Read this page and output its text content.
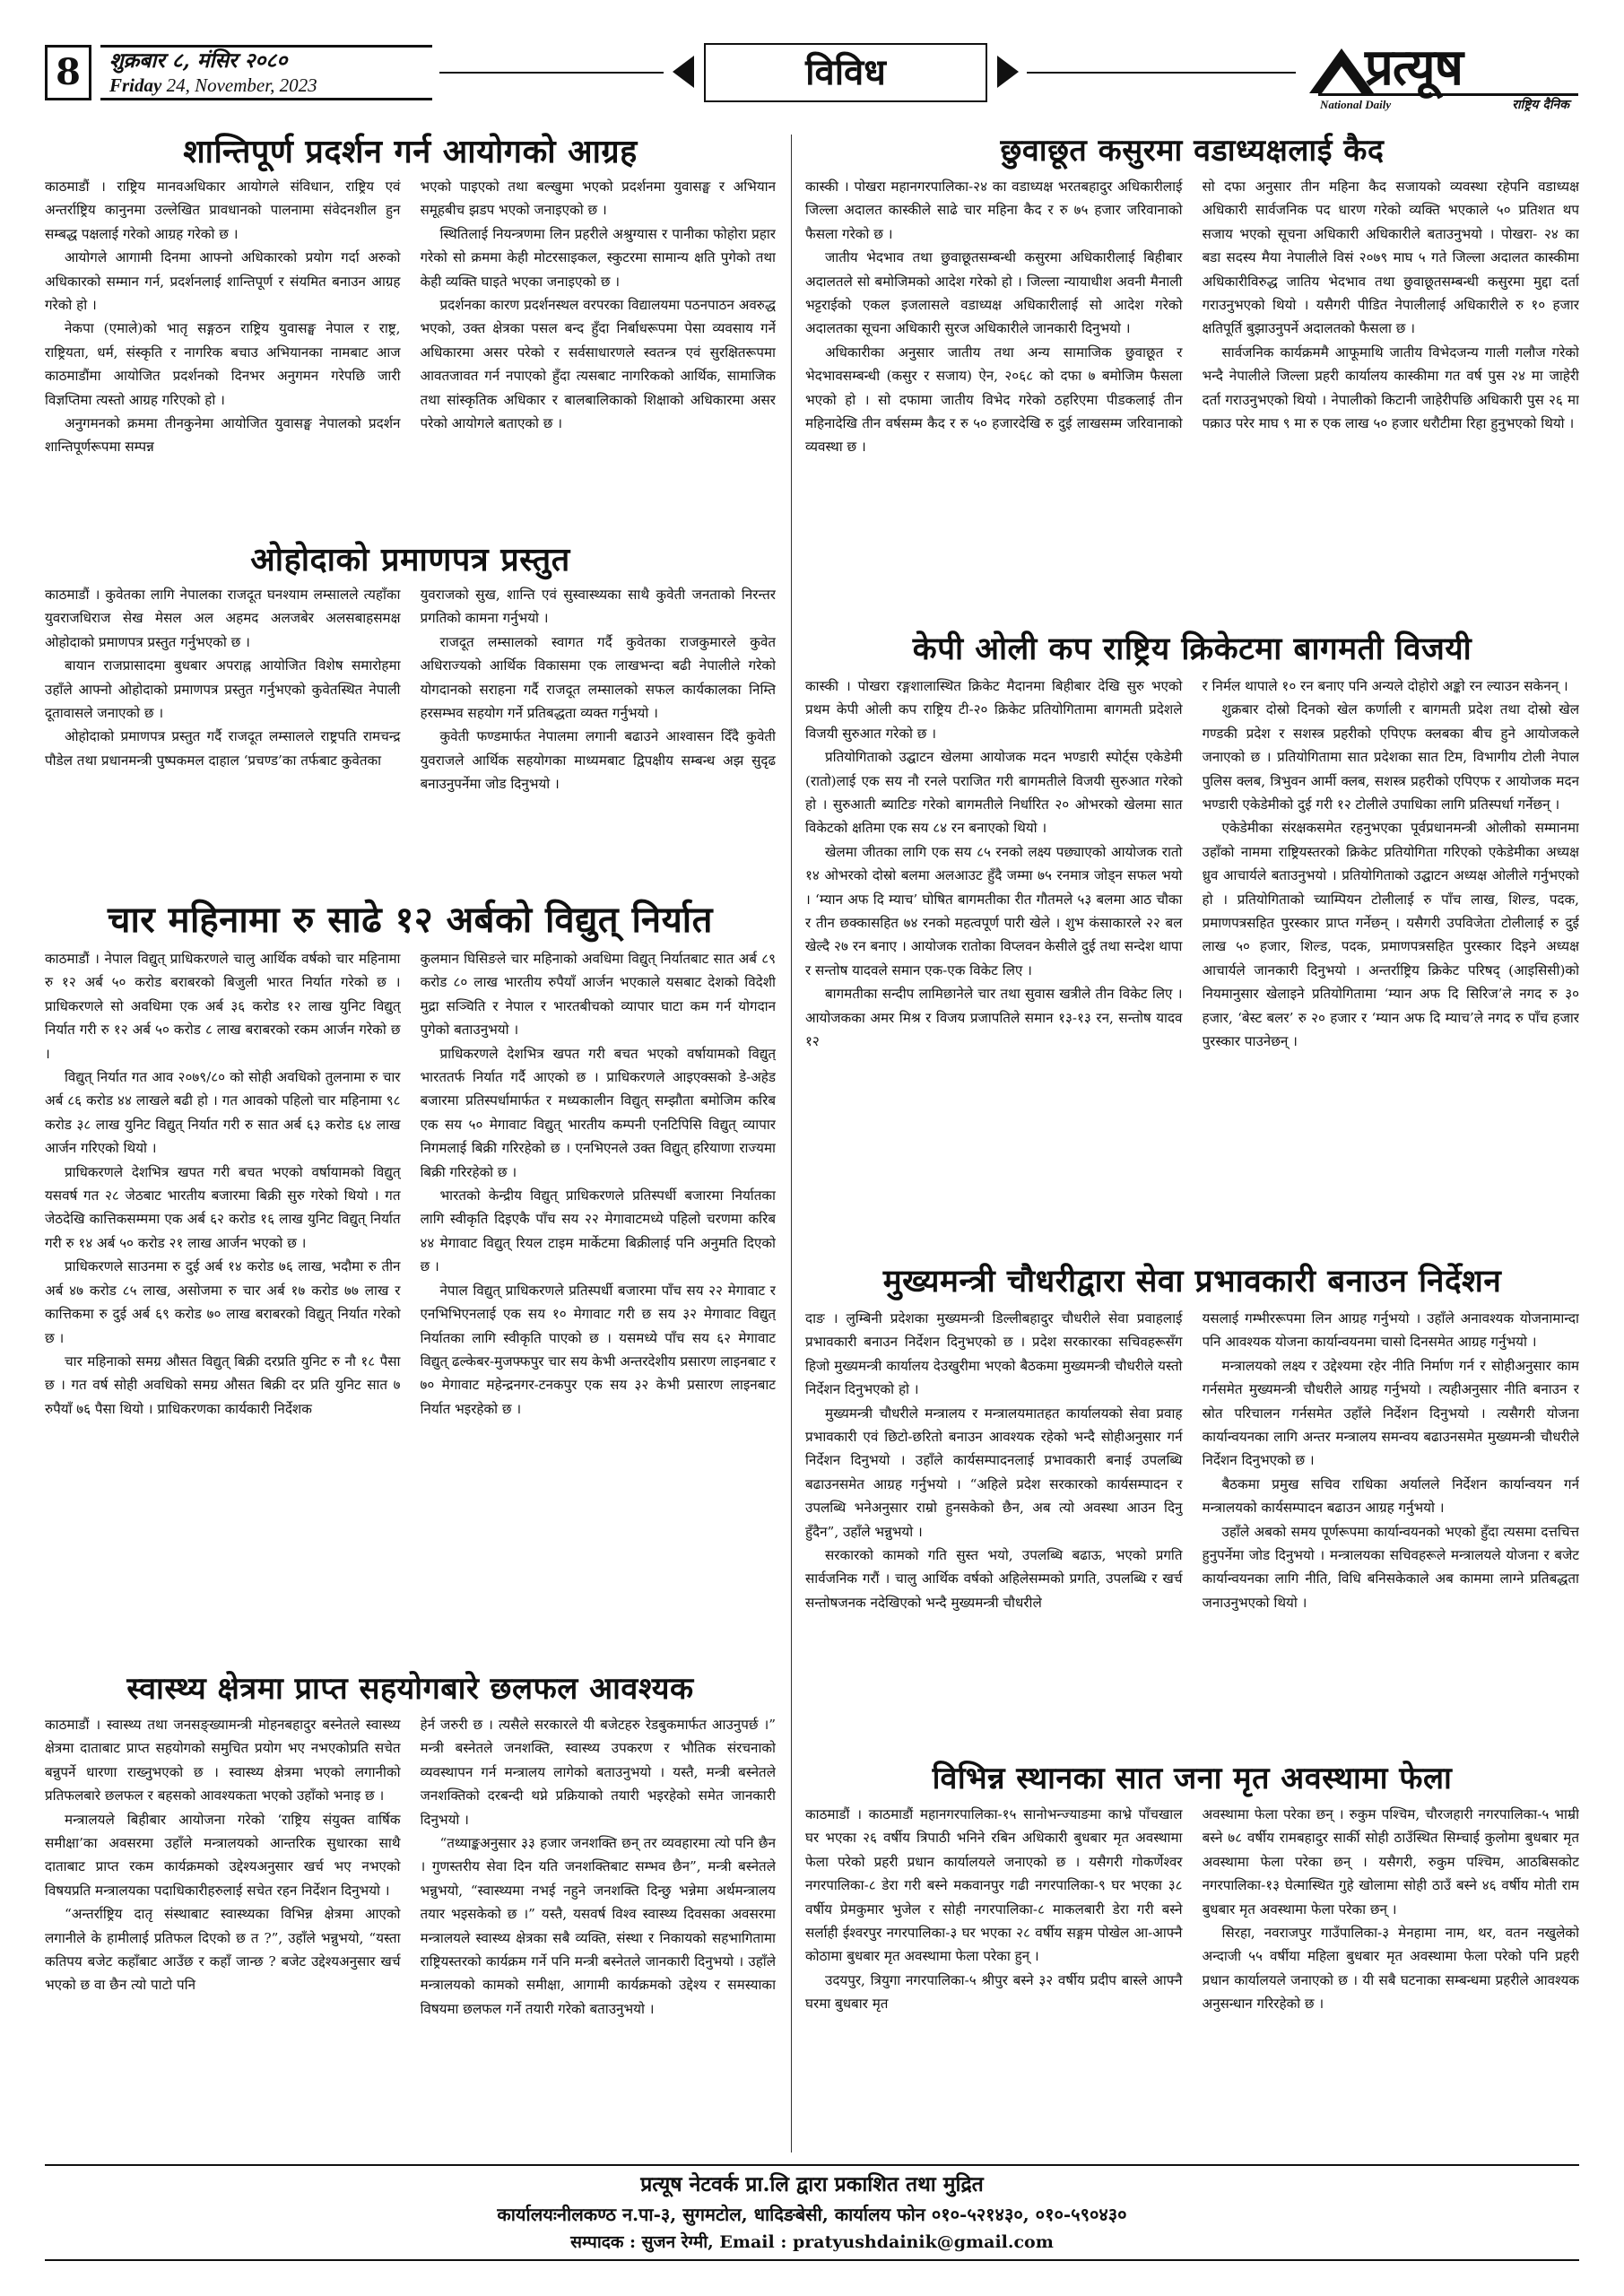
8	शुक्रबार ८, मंसिर २०८०
Friday 24, November, 2023	विविध	प्रत्यूष
National Daily	राष्ट्रिय दैनिक
शान्तिपूर्ण प्रदर्शन गर्न आयोगको आग्रह

काठमाडौं । राष्ट्रिय मानवअधिकार आयोगले संविधान, राष्ट्रिय एवं अन्तर्राष्ट्रिय कानुनमा उल्लेखित प्रावधानको पालनामा संवेदनशील हुन सम्बद्ध पक्षलाई गरेको आग्रह गरेको छ ।

आयोगले आगामी दिनमा आफ्नो अधिकारको प्रयोग गर्दा अरुको अधिकारको सम्मान गर्न, प्रदर्शनलाई शान्तिपूर्ण र संयमित बनाउन आग्रह गरेको हो ।

नेकपा (एमाले)को भातृ सङ्गठन राष्ट्रिय युवासङ्घ नेपाल र राष्ट्र, राष्ट्रियता, धर्म, संस्कृति र नागरिक बचाउ अभियानका नामबाट आज काठमाडौंमा आयोजित प्रदर्शनको दिनभर अनुगमन गरेपछि जारी विज्ञप्तिमा त्यस्तो आग्रह गरिएको हो ।

अनुगमनको क्रममा तीनकुनेमा आयोजित युवासङ्घ नेपालको प्रदर्शन शान्तिपूर्णरूपमा सम्पन्न

भएको पाइएको तथा बल्खुमा भएको प्रदर्शनमा युवासङ्घ र अभियान समूहबीच झडप भएको जनाइएको छ ।

स्थितिलाई नियन्त्रणमा लिन प्रहरीले अश्रुग्यास र पानीका फोहोरा प्रहार गरेको सो क्रममा केही मोटरसाइकल, स्कुटरमा सामान्य क्षति पुगेको तथा केही व्यक्ति घाइते भएका जनाइएको छ ।

प्रदर्शनका कारण प्रदर्शनस्थल वरपरका विद्यालयमा पठनपाठन अवरुद्ध भएको, उक्त क्षेत्रका पसल बन्द हुँदा निर्बाधरूपमा पेसा व्यवसाय गर्ने अधिकारमा असर परेको र सर्वसाधारणले स्वतन्त्र एवं सुरक्षितरूपमा आवतजावत गर्न नपाएको हुँदा त्यसबाट नागरिकको आर्थिक, सामाजिक तथा सांस्कृतिक अधिकार र बालबालिकाको शिक्षाको अधिकारमा असर परेको आयोगले बताएको छ ।

ओहोदाको प्रमाणपत्र प्रस्तुत

काठमाडौं । कुवेतका लागि नेपालका राजदूत घनश्याम लम्सालले त्यहाँका युवराजधिराज सेख मेसल अल अहमद अलजबेर अलसबाहसमक्ष ओहोदाको प्रमाणपत्र प्रस्तुत गर्नुभएको छ ।

बायान राजप्रासादमा बुधबार अपराह्न आयोजित विशेष समारोहमा उहाँले आफ्नो ओहोदाको प्रमाणपत्र प्रस्तुत गर्नुभएको कुवेतस्थित नेपाली दूतावासले जनाएको छ ।

ओहोदाको प्रमाणपत्र प्रस्तुत गर्दै राजदूत लम्सालले राष्ट्रपति रामचन्द्र पौडेल तथा प्रधानमन्त्री पुष्पकमल दाहाल ‘प्रचण्ड’का तर्फबाट कुवेतका

युवराजको सुख, शान्ति एवं सुस्वास्थ्यका साथै कुवेती जनताको निरन्तर प्रगतिको कामना गर्नुभयो ।

राजदूत लम्सालको स्वागत गर्दै कुवेतका राजकुमारले कुवेत अधिराज्यको आर्थिक विकासमा एक लाखभन्दा बढी नेपालीले गरेको योगदानको सराहना गर्दै राजदूत लम्सालको सफल कार्यकालका निम्ति हरसम्भव सहयोग गर्ने प्रतिबद्धता व्यक्त गर्नुभयो ।

कुवेती फण्डमार्फत नेपालमा लगानी बढाउने आश्वासन दिँदै कुवेती युवराजले आर्थिक सहयोगका माध्यमबाट द्विपक्षीय सम्बन्ध अझ सुदृढ बनाउनुपर्नेमा जोड दिनुभयो ।

चार महिनामा रु साढे १२ अर्बको विद्युत् निर्यात

काठमाडौं । नेपाल विद्युत् प्राधिकरणले चालु आर्थिक वर्षको चार महिनामा रु १२ अर्ब ५० करोड बराबरको बिजुली भारत निर्यात गरेको छ । प्राधिकरणले सो अवधिमा एक अर्ब ३६ करोड १२ लाख युनिट विद्युत् निर्यात गरी रु १२ अर्ब ५० करोड ८ लाख बराबरको रकम आर्जन गरेको छ ।

विद्युत् निर्यात गत आव २०७९/८० को सोही अवधिको तुलनामा रु चार अर्ब ८६ करोड ४४ लाखले बढी हो । गत आवको पहिलो चार महिनामा ९८ करोड ३८ लाख युनिट विद्युत् निर्यात गरी रु सात अर्ब ६३ करोड ६४ लाख आर्जन गरिएको थियो ।

प्राधिकरणले देशभित्र खपत गरी बचत भएको वर्षायामको विद्युत् यसवर्ष गत २८ जेठबाट भारतीय बजारमा बिक्री सुरु गरेको थियो । गत जेठदेखि कात्तिकसम्ममा एक अर्ब ६२ करोड १६ लाख युनिट विद्युत् निर्यात गरी रु १४ अर्ब ५० करोड २१ लाख आर्जन भएको छ ।

प्राधिकरणले साउनमा रु दुई अर्ब १४ करोड ७६ लाख, भदौमा रु तीन अर्ब ४७ करोड ८५ लाख, असोजमा रु चार अर्ब १७ करोड ७७ लाख र कात्तिकमा रु दुई अर्ब ६९ करोड ७० लाख बराबरको विद्युत् निर्यात गरेको छ ।

चार महिनाको समग्र औसत विद्युत् बिक्री दरप्रति युनिट रु नौ १८ पैसा छ । गत वर्ष सोही अवधिको समग्र औसत बिक्री दर प्रति युनिट सात ७ रुपैयाँ ७६ पैसा थियो । प्राधिकरणका कार्यकारी निर्देशक

कुलमान घिसिङले चार महिनाको अवधिमा विद्युत् निर्यातबाट सात अर्ब ८९ करोड ८० लाख भारतीय रुपैयाँ आर्जन भएकाले यसबाट देशको विदेशी मुद्रा सञ्चिति र नेपाल र भारतबीचको व्यापार घाटा कम गर्न योगदान पुगेको बताउनुभयो ।

प्राधिकरणले देशभित्र खपत गरी बचत भएको वर्षायामको विद्युत् भारततर्फ निर्यात गर्दै आएको छ । प्राधिकरणले आइएक्सको डे-अहेड बजारमा प्रतिस्पर्धामार्फत र मध्यकालीन विद्युत् सम्झौता बमोजिम करिब एक सय ५० मेगावाट विद्युत् भारतीय कम्पनी एनटिपिसि विद्युत् व्यापार निगमलाई बिक्री गरिरहेको छ । एनभिएनले उक्त विद्युत् हरियाणा राज्यमा बिक्री गरिरहेको छ ।

भारतको केन्द्रीय विद्युत् प्राधिकरणले प्रतिस्पर्धी बजारमा निर्यातका लागि स्वीकृति दिइएकै पाँच सय २२ मेगावाटमध्ये पहिलो चरणमा करिब ४४ मेगावाट विद्युत् रियल टाइम मार्केटमा बिक्रीलाई पनि अनुमति दिएको छ ।

नेपाल विद्युत् प्राधिकरणले प्रतिस्पर्धी बजारमा पाँच सय २२ मेगावाट र एनभिभिएनलाई एक सय १० मेगावाट गरी छ सय ३२ मेगावाट विद्युत् निर्यातका लागि स्वीकृति पाएको छ । यसमध्ये पाँच सय ६२ मेगावाट विद्युत् ढल्केबर-मुजफ्फपुर चार सय केभी अन्तरदेशीय प्रसारण लाइनबाट र ७० मेगावाट महेन्द्रनगर-टनकपुर एक सय ३२ केभी प्रसारण लाइनबाट निर्यात भइरहेको छ ।

स्वास्थ्य क्षेत्रमा प्राप्त सहयोगबारे छलफल आवश्यक

काठमाडौं । स्वास्थ्य तथा जनसङ्ख्यामन्त्री मोहनबहादुर बस्नेतले स्वास्थ्य क्षेत्रमा दाताबाट प्राप्त सहयोगको समुचित प्रयोग भए नभएकोप्रति सचेत बन्नुपर्ने धारणा राख्नुभएको छ । स्वास्थ्य क्षेत्रमा भएको लगानीको प्रतिफलबारे छलफल र बहसको आवश्यकता भएको उहाँको भनाइ छ ।

मन्त्रालयले बिहीबार आयोजना गरेको ‘राष्ट्रिय संयुक्त वार्षिक समीक्षा’का अवसरमा उहाँले मन्त्रालयको आन्तरिक सुधारका साथै दाताबाट प्राप्त रकम कार्यक्रमको उद्देश्यअनुसार खर्च भए नभएको विषयप्रति मन्त्रालयका पदाधिकारीहरुलाई सचेत रहन निर्देशन दिनुभयो ।

“अन्तर्राष्ट्रिय दातृ संस्थाबाट स्वास्थ्यका विभिन्न क्षेत्रमा आएको लगानीले के हामीलाई प्रतिफल दिएको छ त ?”, उहाँले भन्नुभयो, “यस्ता कतिपय बजेट कहाँबाट आउँछ र कहाँ जान्छ ? बजेट उद्देश्यअनुसार खर्च भएको छ वा छैन त्यो पाटो पनि

हेर्न जरुरी छ । त्यसैले सरकारले यी बजेटहरु रेडबुकमार्फत आउनुपर्छ ।” मन्त्री बस्नेतले जनशक्ति, स्वास्थ्य उपकरण र भौतिक संरचनाको व्यवस्थापन गर्न मन्त्रालय लागेको बताउनुभयो । यस्तै, मन्त्री बस्नेतले जनशक्तिको दरबन्दी थप्ने प्रक्रियाको तयारी भइरहेको समेत जानकारी दिनुभयो ।

“तथ्याङ्कअनुसार ३३ हजार जनशक्ति छन् तर व्यवहारमा त्यो पनि छैन । गुणस्तरीय सेवा दिन यति जनशक्तिबाट सम्भव छैन”, मन्त्री बस्नेतले भन्नुभयो, “स्वास्थ्यमा नभई नहुने जनशक्ति दिन्छु भन्नेमा अर्थमन्त्रालय तयार भइसकेको छ ।” यस्तै, यसवर्ष विश्व स्वास्थ्य दिवसका अवसरमा मन्त्रालयले स्वास्थ्य क्षेत्रका सबै व्यक्ति, संस्था र निकायको सहभागितामा राष्ट्रियस्तरको कार्यक्रम गर्ने पनि मन्त्री बस्नेतले जानकारी दिनुभयो । उहाँले मन्त्रालयको कामको समीक्षा, आगामी कार्यक्रमको उद्देश्य र समस्याका विषयमा छलफल गर्ने तयारी गरेको बताउनुभयो ।

छुवाछूत कसुरमा वडाध्यक्षलाई कैद

कास्की । पोखरा महानगरपालिका-२४ का वडाध्यक्ष भरतबहादुर अधिकारीलाई जिल्ला अदालत कास्कीले साढे चार महिना कैद र रु ७५ हजार जरिवानाको फैसला गरेको छ ।

जातीय भेदभाव तथा छुवाछूतसम्बन्धी कसुरमा अधिकारीलाई बिहीबार अदालतले सो बमोजिमको आदेश गरेको हो । जिल्ला न्यायाधीश अवनी मैनाली भट्टराईको एकल इजलासले वडाध्यक्ष अधिकारीलाई सो आदेश गरेको अदालतका सूचना अधिकारी सुरज अधिकारीले जानकारी दिनुभयो ।

अधिकारीका अनुसार जातीय तथा अन्य सामाजिक छुवाछूत र भेदभावसम्बन्धी (कसुर र सजाय) ऐन, २०६८ को दफा ७ बमोजिम फैसला भएको हो । सो दफामा जातीय विभेद गरेको ठहरिएमा पीडकलाई तीन महिनादेखि तीन वर्षसम्म कैद र रु ५० हजारदेखि रु दुई लाखसम्म जरिवानाको व्यवस्था छ ।

सो दफा अनुसार तीन महिना कैद सजायको व्यवस्था रहेपनि वडाध्यक्ष अधिकारी सार्वजनिक पद धारण गरेको व्यक्ति भएकाले ५० प्रतिशत थप सजाय भएको सूचना अधिकारी अधिकारीले बताउनुभयो । पोखरा- २४ का बडा सदस्य मैया नेपालीले विसं २०७९ माघ ५ गते जिल्ला अदालत कास्कीमा अधिकारीविरुद्ध जातिय भेदभाव तथा छुवाछूतसम्बन्धी कसुरमा मुद्दा दर्ता गराउनुभएको थियो । यसैगरी पीडित नेपालीलाई अधिकारीले रु १० हजार क्षतिपूर्ति बुझाउनुपर्ने अदालतको फैसला छ ।

सार्वजनिक कार्यक्रममै आफूमाथि जातीय विभेदजन्य गाली गलौज गरेको भन्दै नेपालीले जिल्ला प्रहरी कार्यालय कास्कीमा गत वर्ष पुस २४ मा जाहेरी दर्ता गराउनुभएको थियो । नेपालीको किटानी जाहेरीपछि अधिकारी पुस २६ मा पक्राउ परेर माघ ९ मा रु एक लाख ५० हजार धरौटीमा रिहा हुनुभएको थियो ।

केपी ओली कप राष्ट्रिय क्रिकेटमा बागमती विजयी

कास्की । पोखरा रङ्गशालास्थित क्रिकेट मैदानमा बिहीबार देखि सुरु भएको प्रथम केपी ओली कप राष्ट्रिय टी-२० क्रिकेट प्रतियोगितामा बागमती प्रदेशले विजयी सुरुआत गरेको छ ।

प्रतियोगिताको उद्घाटन खेलमा आयोजक मदन भण्डारी स्पोर्ट्स एकेडेमी (रातो)लाई एक सय नौ रनले पराजित गरी बागमतीले विजयी सुरुआत गरेको हो । सुरुआती ब्याटिङ गरेको बागमतीले निर्धारित २० ओभरको खेलमा सात विकेटको क्षतिमा एक सय ८४ रन बनाएको थियो ।

खेलमा जीतका लागि एक सय ८५ रनको लक्ष्य पछ्याएको आयोजक रातो १४ ओभरको दोस्रो बलमा अलआउट हुँदै जम्मा ७५ रनमात्र जोड्न सफल भयो । ‘म्यान अफ दि म्याच’ घोषित बागमतीका रीत गौतमले ५३ बलमा आठ चौका र तीन छक्कासहित ७४ रनको महत्वपूर्ण पारी खेले । शुभ कंसाकारले २२ बल खेल्दै २७ रन बनाए । आयोजक रातोका विप्लवन केसीले दुई तथा सन्देश थापा र सन्तोष यादवले समान एक-एक विकेट लिए ।

बागमतीका सन्दीप लामिछानेले चार तथा सुवास खत्रीले तीन विकेट लिए । आयोजकका अमर मिश्र र विजय प्रजापतिले समान १३-१३ रन, सन्तोष यादव १२

र निर्मल थापाले १० रन बनाए पनि अन्यले दोहोरो अङ्को रन ल्याउन सकेनन् ।

शुक्रबार दोस्रो दिनको खेल कर्णाली र बागमती प्रदेश तथा दोस्रो खेल गण्डकी प्रदेश र सशस्त्र प्रहरीको एपिएफ क्लबका बीच हुने आयोजकले जनाएको छ । प्रतियोगितामा सात प्रदेशका सात टिम, विभागीय टोली नेपाल पुलिस क्लब, त्रिभुवन आर्मी क्लब, सशस्त्र प्रहरीको एपिएफ र आयोजक मदन भण्डारी एकेडेमीको दुई गरी १२ टोलीले उपाधिका लागि प्रतिस्पर्धा गर्नेछन् ।

एकेडेमीका संरक्षकसमेत रहनुभएका पूर्वप्रधानमन्त्री ओलीको सम्मानमा उहाँको नाममा राष्ट्रियस्तरको क्रिकेट प्रतियोगिता गरिएको एकेडेमीका अध्यक्ष ध्रुव आचार्यले बताउनुभयो । प्रतियोगिताको उद्घाटन अध्यक्ष ओलीले गर्नुभएको हो । प्रतियोगिताको च्याम्पियन टोलीलाई रु पाँच लाख, शिल्ड, पदक, प्रमाणपत्रसहित पुरस्कार प्राप्त गर्नेछन् । यसैगरी उपविजेता टोलीलाई रु दुई लाख ५० हजार, शिल्ड, पदक, प्रमाणपत्रसहित पुरस्कार दिइने अध्यक्ष आचार्यले जानकारी दिनुभयो । अन्तर्राष्ट्रिय क्रिकेट परिषद् (आइसिसी)को नियमानुसार खेलाइने प्रतियोगितामा ‘म्यान अफ दि सिरिज’ले नगद रु ३० हजार, ‘बेस्ट बलर’ रु २० हजार र ‘म्यान अफ दि म्याच’ले नगद रु पाँच हजार पुरस्कार पाउनेछन् ।

मुख्यमन्त्री चौधरीद्वारा सेवा प्रभावकारी बनाउन निर्देशन

दाङ । लुम्बिनी प्रदेशका मुख्यमन्त्री डिल्लीबहादुर चौधरीले सेवा प्रवाहलाई प्रभावकारी बनाउन निर्देशन दिनुभएको छ । प्रदेश सरकारका सचिवहरूसँग हिजो मुख्यमन्त्री कार्यालय देउखुरीमा भएको बैठकमा मुख्यमन्त्री चौधरीले यस्तो निर्देशन दिनुभएको हो ।

मुख्यमन्त्री चौधरीले मन्त्रालय र मन्त्रालयमातहत कार्यालयको सेवा प्रवाह प्रभावकारी एवं छिटो-छरितो बनाउन आवश्यक रहेको भन्दै सोहीअनुसार गर्न निर्देशन दिनुभयो । उहाँले कार्यसम्पादनलाई प्रभावकारी बनाई उपलब्धि बढाउनसमेत आग्रह गर्नुभयो । “अहिले प्रदेश सरकारको कार्यसम्पादन र उपलब्धि भनेअनुसार राम्रो हुनसकेको छैन, अब त्यो अवस्था आउन दिनु हुँदैन”, उहाँले भन्नुभयो ।

सरकारको कामको गति सुस्त भयो, उपलब्धि बढाऊ, भएको प्रगति सार्वजनिक गरौं । चालु आर्थिक वर्षको अहिलेसम्मको प्रगति, उपलब्धि र खर्च सन्तोषजनक नदेखिएको भन्दै मुख्यमन्त्री चौधरीले

यसलाई गम्भीररूपमा लिन आग्रह गर्नुभयो । उहाँले अनावश्यक योजनामान्दा पनि आवश्यक योजना कार्यान्वयनमा चासो दिनसमेत आग्रह गर्नुभयो ।

मन्त्रालयको लक्ष्य र उद्देश्यमा रहेर नीति निर्माण गर्न र सोहीअनुसार काम गर्नसमेत मुख्यमन्त्री चौधरीले आग्रह गर्नुभयो । त्यहीअनुसार नीति बनाउन र स्रोत परिचालन गर्नसमेत उहाँले निर्देशन दिनुभयो । त्यसैगरी योजना कार्यान्वयनका लागि अन्तर मन्त्रालय समन्वय बढाउनसमेत मुख्यमन्त्री चौधरीले निर्देशन दिनुभएको छ ।

बैठकमा प्रमुख सचिव राधिका अर्यालले निर्देशन कार्यान्वयन गर्न मन्त्रालयको कार्यसम्पादन बढाउन आग्रह गर्नुभयो ।

उहाँले अबको समय पूर्णरूपमा कार्यान्वयनको भएको हुँदा त्यसमा दत्तचित्त हुनुपर्नेमा जोड दिनुभयो । मन्त्रालयका सचिवहरूले मन्त्रालयले योजना र बजेट कार्यान्वयनका लागि नीति, विधि बनिसकेकाले अब काममा लाग्ने प्रतिबद्धता जनाउनुभएको थियो ।

विभिन्न स्थानका सात जना मृत अवस्थामा फेला

काठमाडौं । काठमाडौं महानगरपालिका-१५ सानोभन्ज्याङमा काभ्रे पाँचखाल घर भएका २६ वर्षीय त्रिपाठी भनिने रबिन अधिकारी बुधबार मृत अवस्थामा फेला परेको प्रहरी प्रधान कार्यालयले जनाएको छ । यसैगरी गोकर्णेश्वर नगरपालिका-८ डेरा गरी बस्ने मकवानपुर गढी नगरपालिका-९ घर भएका ३८ वर्षीय प्रेमकुमार भुजेल र सोही नगरपालिका-८ माकलबारी डेरा गरी बस्ने सर्लाही ईश्वरपुर नगरपालिका-३ घर भएका २८ वर्षीय सङ्गम पोखेल आ-आफ्नै कोठामा बुधबार मृत अवस्थामा फेला परेका हुन् ।

उदयपुर, त्रियुगा नगरपालिका-५ श्रीपुर बस्ने ३२ वर्षीय प्रदीप बास्ले आफ्नै घरमा बुधबार मृत

अवस्थामा फेला परेका छन् । रुकुम पश्चिम, चौरजहारी नगरपालिका-५ भाम्री बस्ने ७८ वर्षीय रामबहादुर सार्की सोही ठाउँस्थित सिम्चाई कुलोमा बुधबार मृत अवस्थामा फेला परेका छन् । यसैगरी, रुकुम पश्चिम, आठबिसकोट नगरपालिका-१३ घेत्मास्थित गुहे खोलामा सोही ठाउँ बस्ने ४६ वर्षीय मोती राम बुधबार मृत अवस्थामा फेला परेका छन् ।

सिरहा, नवराजपुर गाउँपालिका-३ मेनहामा नाम, थर, वतन नखुलेको अन्दाजी ५५ वर्षीया महिला बुधबार मृत अवस्थामा फेला परेको पनि प्रहरी प्रधान कार्यालयले जनाएको छ । यी सबै घटनाका सम्बन्धमा प्रहरीले आवश्यक अनुसन्धान गरिरहेको छ ।

प्रत्यूष नेटवर्क प्रा.लि द्वारा प्रकाशित तथा मुद्रित
कार्यालयःनीलकण्ठ न.पा-३, सुगमटोल, धादिङबेसी, कार्यालय फोन ०१०-५२१४३०, ०१०-५९०४३०
सम्पादक : सुजन रेग्मी, Email : pratyushdainik@gmail.com
